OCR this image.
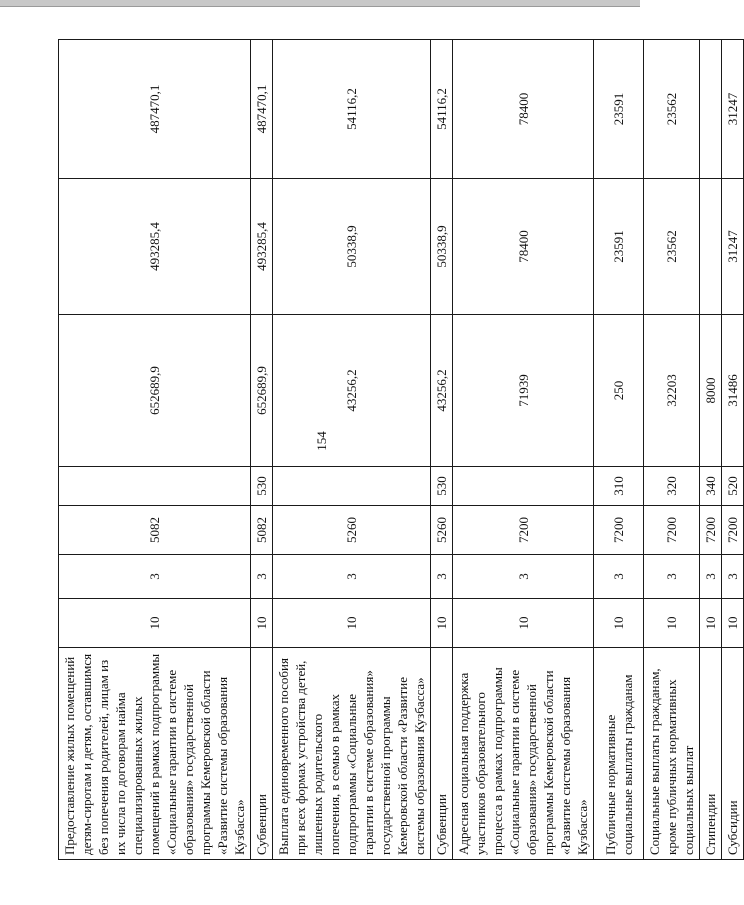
154
Предоставление жилых помещений детям-сиротам и детям, оставшимся без попечения родителей, лицам из их числа по договорам найма специализированных жилых помещений в рамках подпрограммы «Социальные гарантии в системе образования» государственной программы Кемеровской области «Развитие системы образования Кузбасса»	10	3	5082		652689,9	493285,4	487470,1
Субвенции	10	3	5082	530	652689,9	493285,4	487470,1
Выплата единовременного пособия при всех формах устройства детей, лишенных родительского попечения, в семью в рамках подпрограммы «Социальные гарантии в системе образования» государственной программы Кемеровской области «Развитие системы образования Кузбасса»	10	3	5260		43256,2	50338,9	54116,2
Субвенции	10	3	5260	530	43256,2	50338,9	54116,2
Адресная социальная поддержка участников образовательного процесса в рамках подпрограммы «Социальные гарантии в системе образования» государственной программы Кемеровской области «Развитие системы образования Кузбасса»	10	3	7200		71939	78400	78400
Публичные нормативные социальные выплаты гражданам	10	3	7200	310	250	23591	23591
Социальные выплаты гражданам, кроме публичных нормативных социальных выплат	10	3	7200	320	32203	23562	23562
Стипендии	10	3	7200	340	8000		
Субсидии	10	3	7200	520	31486	31247	31247
